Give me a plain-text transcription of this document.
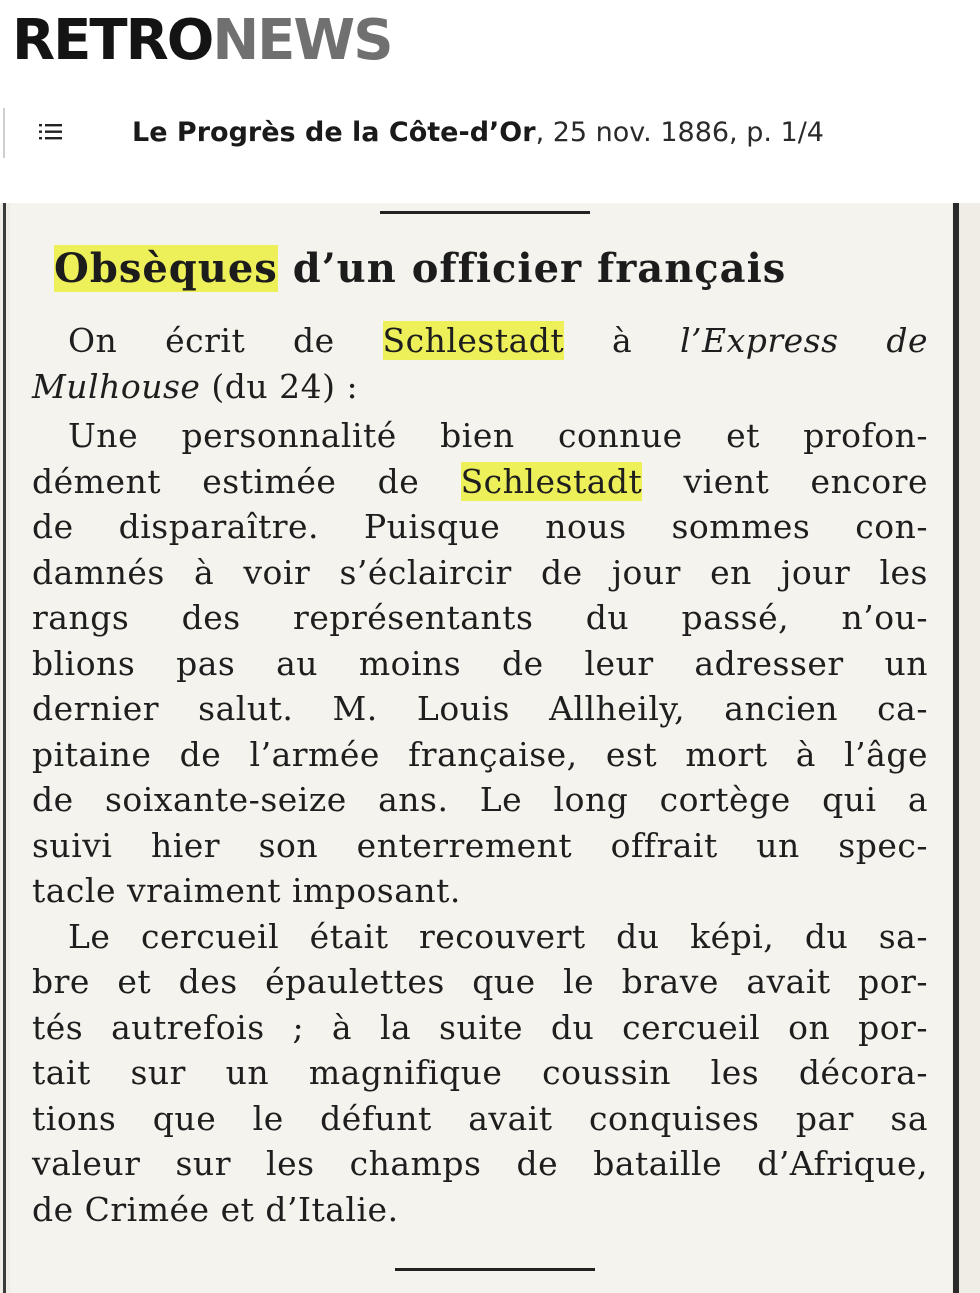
RETRONEWS
Le Progrès de la Côte-d’Or, 25 nov. 1886, p. 1/4
Obsèques d’un officier français

On écrit de Schlestadt à l’Express de

Mulhouse (du 24) :

Une personnalité bien connue et profon-

dément estimée de Schlestadt vient encore
de disparaître. Puisque nous sommes con-
damnés à voir s’éclaircir de jour en jour les
rangs des représentants du passé, n’ou-
blions pas au moins de leur adresser un
dernier salut. M. Louis Allheily, ancien ca-
pitaine de l’armée française, est mort à l’âge
de soixante-seize ans. Le long cortège qui a
suivi hier son enterrement offrait un spec-
tacle vraiment imposant.

Le cercueil était recouvert du képi, du sa-

bre et des épaulettes que le brave avait por-
tés autrefois ; à la suite du cercueil on por-
tait sur un magnifique coussin les décora-
tions que le défunt avait conquises par sa
valeur sur les champs de bataille d’Afrique,
de Crimée et d’Italie.
